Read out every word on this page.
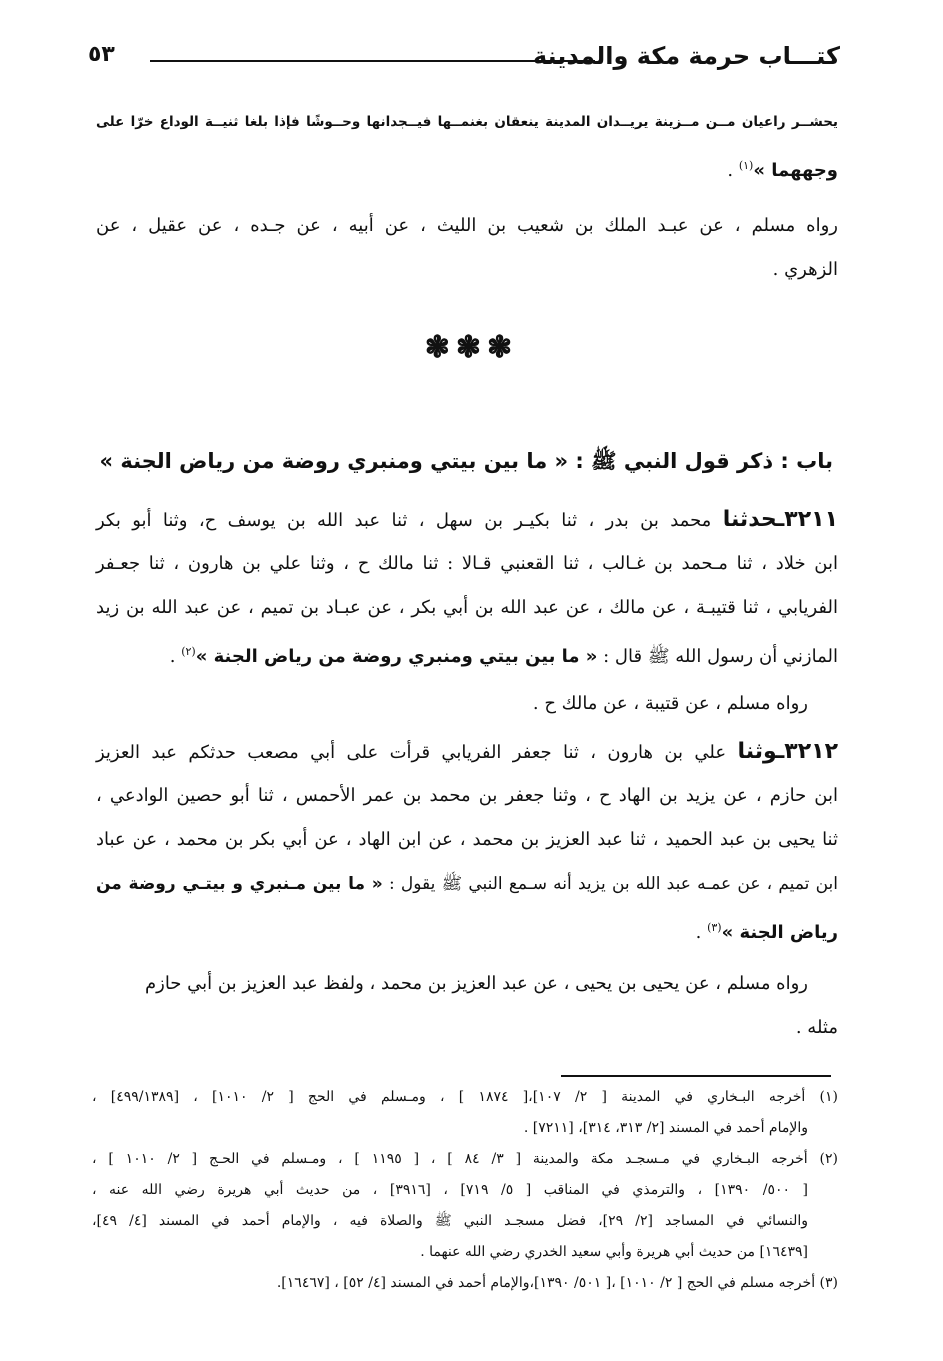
كتـــاب حرمة مكة والمدينة
٥٣
يحشــر راعيان مــن مــزينة يريــدان المدينة ينعقان بغنمــها فيــجدانها وحــوشًا فإذا بلغا ثنيــة الوداع خرّا على
وجههما »$^{(١)}$ .
رواه مسلم ، عن عبـد الملك بن شعيب بن الليث ، عن أبيه ، عن جـده ، عن عقيل ، عن
الزهري .
❃❃❃
باب : ذكر قول النبي ﷺ : « ما بين بيتي ومنبري روضة من رياض الجنة »
٣٢١١ـحدثنا محمد بن بدر ، ثنا بكيـر بن سهل ، ثنا عبد الله بن يوسف ح، وثنا أبو بكر
ابن خلاد ، ثنا مـحمد بن غـالب ، ثنا القعنبي قـالا : ثنا مالك ح ، وثنا علي بن هارون ، ثنا جعـفر
الفريابي ، ثنا قتيبـة ، عن مالك ، عن عبد الله بن أبي بكر ، عن عبـاد بن تميم ، عن عبد الله بن زيد
المازني أن رسول الله ﷺ قال : « ما بين بيتي ومنبري روضة من رياض الجنة »$^{(٢)}$ .
رواه مسلم ، عن قتيبة ، عن مالك ح .
٣٢١٢ـوثنا علي بن هارون ، ثنا جعفر الفريابي قرأت على أبي مصعب حدثكم عبد العزيز
ابن حازم ، عن يزيد بن الهاد ح ، وثنا جعفر بن محمد بن عمر الأحمس ، ثنا أبو حصين الوادعي ،
ثنا يحيى بن عبد الحميد ، ثنا عبد العزيز بن محمد ، عن ابن الهاد ، عن أبي بكر بن محمد ، عن عباد
ابن تميم ، عن عمـه عبد الله بن يزيد أنه سـمع النبي ﷺ يقول : « ما بين مـنبري و بيتـي روضة من
رياض الجنة »$^{(٣)}$ .
رواه مسلم ، عن يحيى بن يحيى ، عن عبد العزيز بن محمد ، ولفظ عبد العزيز بن أبي حازم
مثله .
(١) أخرجه البـخاري في المدينة [ ٢/ ١٠٧]،[ ١٨٧٤ ] ، ومـسلم في الحج [ ٢/ ١٠١٠] ، [٤٩٩/١٣٨٩] ،
والإمام أحمد في المسند [٢/ ٣١٣، ٣١٤]، [٧٢١١] .
(٢) أخرجه البـخاري في مـسجـد مكة والمدينة [ ٣/ ٨٤ ] ، [ ١١٩٥ ] ، ومـسلم في الحـج [ ٢/ ١٠١٠ ] ،
[ ٥٠٠/ ١٣٩٠] ، والترمذي في المناقب [ ٥/ ٧١٩] ، [٣٩١٦] ، من حديث أبي هريرة رضي الله عنه ،
والنسائي في المساجد [٢/ ٢٩]، فضل مسجـد النبي ﷺ والصلاة فيه ، والإمام أحمد في المسند [٤/ ٤٩]،
[١٦٤٣٩] من حديث أبي هريرة وأبي سعيد الخدري رضي الله عنهما .
(٣) أخرجه مسلم في الحج [ ٢/ ١٠١٠] ،[ ٥٠١/ ١٣٩٠]،والإمام أحمد في المسند [٤/ ٥٢] ، [١٦٤٦٧].
